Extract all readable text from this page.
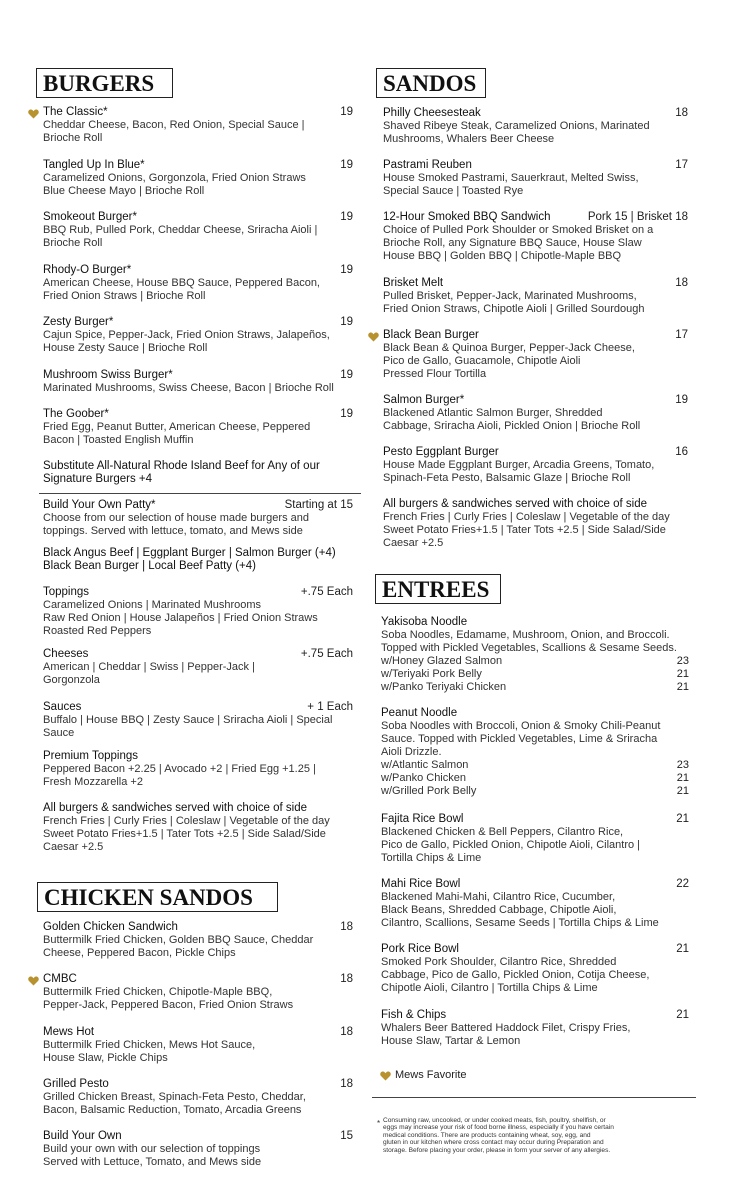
BURGERS
The Classic*	19
Cheddar Cheese, Bacon, Red Onion, Special Sauce |
Brioche Roll
Tangled Up In Blue*	19
Caramelized Onions, Gorgonzola, Fried Onion Straws
Blue Cheese Mayo | Brioche Roll
Smokeout Burger*	19
BBQ Rub, Pulled Pork, Cheddar Cheese, Sriracha Aioli |
Brioche Roll
Rhody-O Burger*	19
American Cheese, House BBQ Sauce, Peppered Bacon,
Fried Onion Straws | Brioche Roll
Zesty Burger*	19
Cajun Spice, Pepper-Jack, Fried Onion Straws, Jalapeños,
House Zesty Sauce | Brioche Roll
Mushroom Swiss Burger*	19
Marinated Mushrooms, Swiss Cheese, Bacon | Brioche Roll
The Goober*	19
Fried Egg, Peanut Butter, American Cheese, Peppered
Bacon | Toasted English Muffin
Substitute All-Natural Rhode Island Beef for Any of our
Signature Burgers +4
Build Your Own Patty*	Starting at 15
Choose from our selection of house made burgers and
toppings. Served with lettuce, tomato, and Mews side
Black Angus Beef | Eggplant Burger | Salmon Burger (+4)
Black Bean Burger | Local Beef Patty (+4)
Toppings	+.75 Each
Caramelized Onions | Marinated Mushrooms
Raw Red Onion | House Jalapeños | Fried Onion Straws
Roasted Red Peppers
Cheeses	+.75 Each
American | Cheddar | Swiss | Pepper-Jack |
Gorgonzola
Sauces	+ 1 Each
Buffalo | House BBQ | Zesty Sauce | Sriracha Aioli | Special
Sauce
Premium Toppings
Peppered Bacon +2.25 | Avocado +2 | Fried Egg +1.25 |
Fresh Mozzarella +2
All burgers & sandwiches served with choice of side
French Fries | Curly Fries | Coleslaw | Vegetable of the day
Sweet Potato Fries+1.5 | Tater Tots +2.5 | Side Salad/Side
Caesar +2.5
CHICKEN SANDOS
Golden Chicken Sandwich	18
Buttermilk Fried Chicken, Golden BBQ Sauce, Cheddar
Cheese, Peppered Bacon, Pickle Chips
CMBC	18
Buttermilk Fried Chicken, Chipotle-Maple BBQ,
Pepper-Jack, Peppered Bacon, Fried Onion Straws
Mews Hot	18
Buttermilk Fried Chicken, Mews Hot Sauce,
House Slaw, Pickle Chips
Grilled Pesto	18
Grilled Chicken Breast, Spinach-Feta Pesto, Cheddar,
Bacon, Balsamic Reduction, Tomato, Arcadia Greens
Build Your Own	15
Build your own with our selection of toppings
Served with Lettuce, Tomato, and Mews side
SANDOS
Philly Cheesesteak	18
Shaved Ribeye Steak, Caramelized Onions, Marinated
Mushrooms, Whalers Beer Cheese
Pastrami Reuben	17
House Smoked Pastrami, Sauerkraut, Melted Swiss,
Special Sauce | Toasted Rye
12-Hour Smoked BBQ Sandwich	Pork 15 | Brisket 18
Choice of Pulled Pork Shoulder or Smoked Brisket on a
Brioche Roll, any Signature BBQ Sauce, House Slaw
House BBQ | Golden BBQ | Chipotle-Maple BBQ
Brisket Melt	18
Pulled Brisket, Pepper-Jack, Marinated Mushrooms,
Fried Onion Straws, Chipotle Aioli | Grilled Sourdough
Black Bean Burger	17
Black Bean & Quinoa Burger, Pepper-Jack Cheese,
Pico de Gallo, Guacamole, Chipotle Aioli
Pressed Flour Tortilla
Salmon Burger*	19
Blackened Atlantic Salmon Burger, Shredded
Cabbage, Sriracha Aioli, Pickled Onion | Brioche Roll
Pesto Eggplant Burger	16
House Made Eggplant Burger, Arcadia Greens, Tomato,
Spinach-Feta Pesto, Balsamic Glaze | Brioche Roll
All burgers & sandwiches served with choice of side
French Fries | Curly Fries | Coleslaw | Vegetable of the day
Sweet Potato Fries+1.5 | Tater Tots +2.5 | Side Salad/Side
Caesar +2.5
ENTREES
Yakisoba Noodle
Soba Noodles, Edamame, Mushroom, Onion, and Broccoli.
Topped with Pickled Vegetables, Scallions & Sesame Seeds.
w/Honey Glazed Salmon	23
w/Teriyaki Pork Belly	21
w/Panko Teriyaki Chicken	21
Peanut Noodle
Soba Noodles with Broccoli, Onion & Smoky Chili-Peanut
Sauce. Topped with Pickled Vegetables, Lime & Sriracha
Aioli Drizzle.
w/Atlantic Salmon	23
w/Panko Chicken	21
w/Grilled Pork Belly	21
Fajita Rice Bowl	21
Blackened Chicken & Bell Peppers, Cilantro Rice,
Pico de Gallo, Pickled Onion, Chipotle Aioli, Cilantro |
Tortilla Chips & Lime
Mahi Rice Bowl	22
Blackened Mahi-Mahi, Cilantro Rice, Cucumber,
Black Beans, Shredded Cabbage, Chipotle Aioli,
Cilantro, Scallions, Sesame Seeds | Tortilla Chips & Lime
Pork Rice Bowl	21
Smoked Pork Shoulder, Cilantro Rice, Shredded
Cabbage, Pico de Gallo, Pickled Onion, Cotija Cheese,
Chipotle Aioli, Cilantro | Tortilla Chips & Lime
Fish & Chips	21
Whalers Beer Battered Haddock Filet, Crispy Fries,
House Slaw, Tartar & Lemon
Mews Favorite
Consuming raw, uncooked, or under cooked meats, fish, poultry, shellfish, or
eggs may increase your risk of food borne illness, especially if you have certain
medical conditions. There are products containing wheat, soy, egg, and
gluten in our kitchen where cross contact may occur during Preparation and
storage. Before placing your order, please in form your server of any allergies.
*
